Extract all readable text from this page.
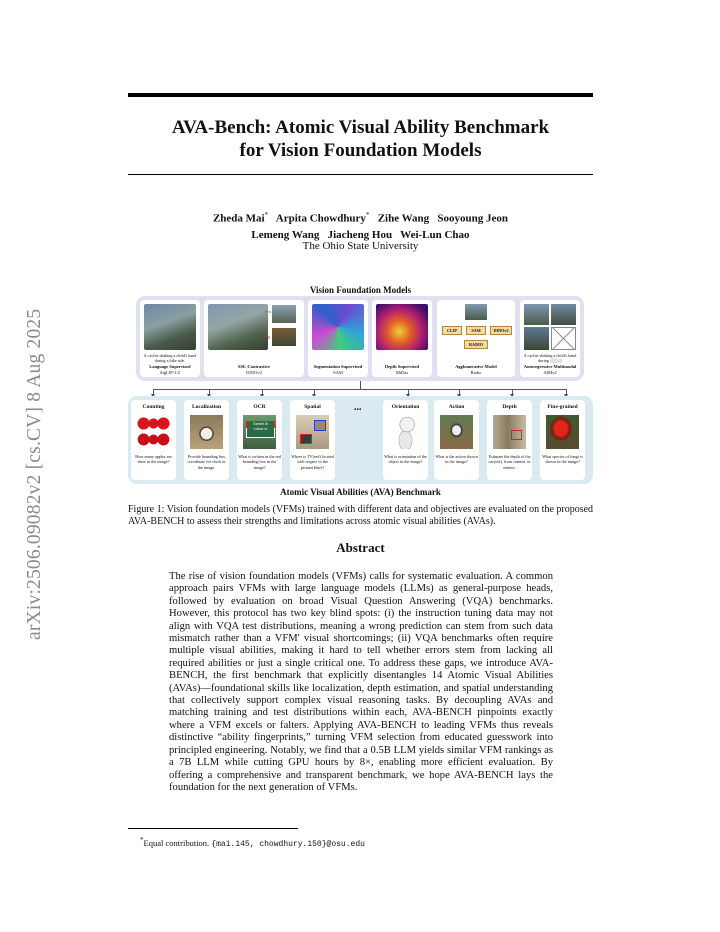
arXiv:2506.09082v2 [cs.CV] 8 Aug 2025
AVA-Bench: Atomic Visual Ability Benchmark
for Vision Foundation Models
Zheda Mai* Arpita Chowdhury* Zihe Wang Sooyoung Jeon
Lemeng Wang Jiacheng Hou Wei-Lun Chao
The Ohio State University
Vision Foundation Models
A cyclist shaking a child's hand during a bike ride.
Language Supervised
SigLIP-1/2
Pos
Neg
SSL-Contrastive
DINOv2
Segmentation Supervised
SAM
Depth Supervised
MiDas
CLIP	SAM	DINOv2
RADIO
Agglomerative Model
Radio
A cyclist shaking a child's hand during ░░░░
Autoregressive Multimodal
AIMv2
Counting
How many apples are there in the image?
Localization
Provide bounding box coordinate for clock in the image.
OCR
Tonnell St
Elbow St
What is written in the red bounding box in the image?
Spatial
Where is TV(red) located with respect to the picture(blue)?
Orientation
What is orientation of the object in the image?
Action
What is the action shown in the image?
Depth
Estimate the depth of the car(red), from camera, in meters.
Fine-grained
What species of fungi is shown in the image?
...
Atomic Visual Abilities (AVA) Benchmark
Figure 1: Vision foundation models (VFMs) trained with different data and objectives are evaluated on the proposed AVA-BENCH to assess their strengths and limitations across atomic visual abilities (AVAs).
Abstract
The rise of vision foundation models (VFMs) calls for systematic evaluation. A common approach pairs VFMs with large language models (LLMs) as general-purpose heads, followed by evaluation on broad Visual Question Answering (VQA) benchmarks. However, this protocol has two key blind spots: (i) the instruction tuning data may not align with VQA test distributions, meaning a wrong prediction can stem from such data mismatch rather than a VFM' visual shortcomings; (ii) VQA benchmarks often require multiple visual abilities, making it hard to tell whether errors stem from lacking all required abilities or just a single critical one. To address these gaps, we introduce AVA-BENCH, the first benchmark that explicitly disentangles 14 Atomic Visual Abilities (AVAs)—foundational skills like localization, depth estimation, and spatial understanding that collectively support complex visual reasoning tasks. By decoupling AVAs and matching training and test distributions within each, AVA-BENCH pinpoints exactly where a VFM excels or falters. Applying AVA-BENCH to leading VFMs thus reveals distinctive “ability fingerprints,” turning VFM selection from educated guesswork into principled engineering. Notably, we find that a 0.5B LLM yields similar VFM rankings as a 7B LLM while cutting GPU hours by 8×, enabling more efficient evaluation. By offering a comprehensive and transparent benchmark, we hope AVA-BENCH lays the foundation for the next generation of VFMs.
*Equal contribution. {mai.145, chowdhury.150}@osu.edu
